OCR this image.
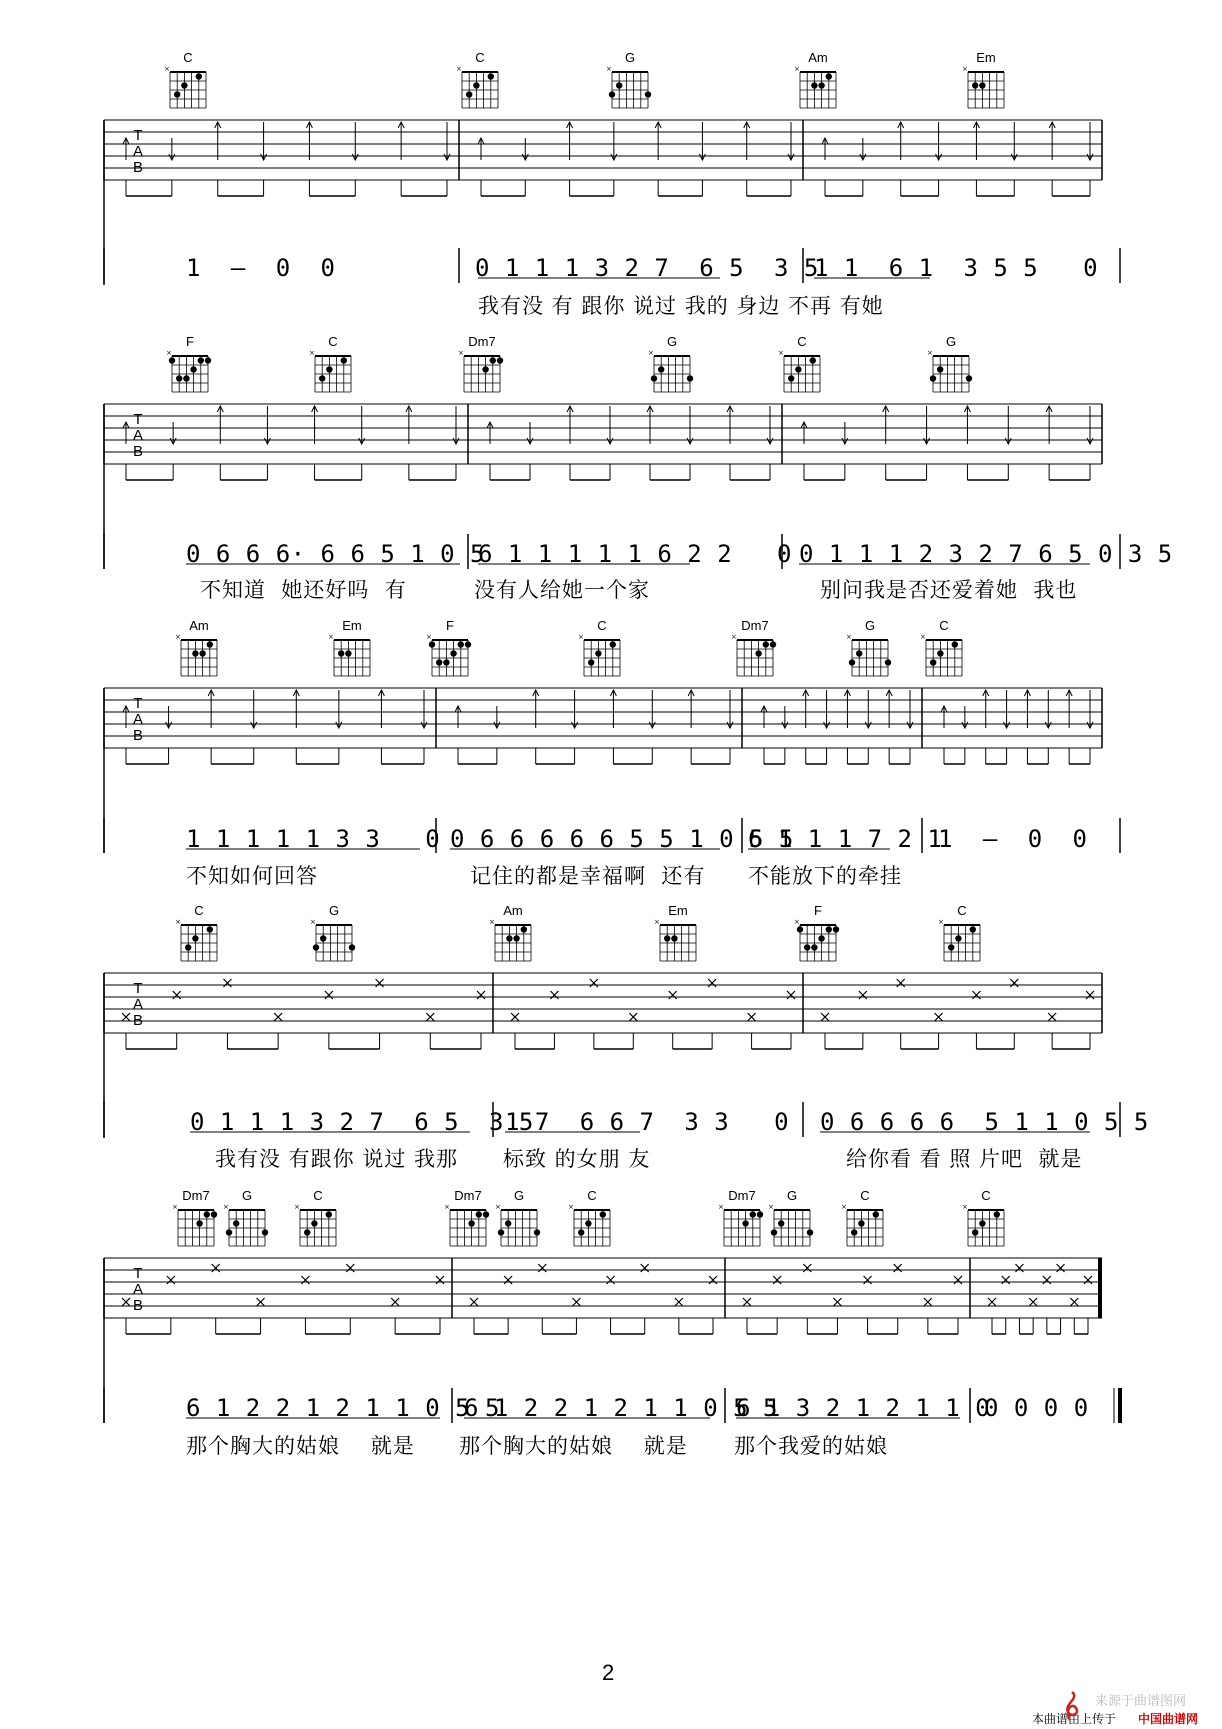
T
A
B
T
A
B
T
A
B
T
A
B
T
A
B
C
×
C
×
G
×
Am
×
Em
×
F
×
C
×
Dm7
×
G
×
C
×
G
×
Am
×
Em
×
F
×
C
×
Dm7
×
G
×
C
×
C
×
G
×
Am
×
Em
×
F
×
C
×
Dm7
×
G
×
C
×
Dm7
×
G
×
C
×
Dm7
×
G
×
C
×
C
×
1  –  0  0	0 1 1 1 3 2 7  6 5  3 5
1 1  6 1  3 5 5   0
我有没 有 跟你 说过 我的 身边 不再 有她
0 6 6 6· 6 6 5 1 0 5
6 1 1 1 1 1 6 2 2   0 0 1 1 1 2 3 2 7 6 5 0 3 5
不知道  她还好吗  有	没有人给她一个家	别问我是否还爱着她  我也
1 1 1 1 1 3 3   0 0 6 6 6 6 6 5 5 1 0 5 5
6 1 1 1 7 2 1
1  –  0  0
不知如何回答	记住的都是幸福啊  还有 不能放下的牵挂
0 1 1 1 3 2 7  6 5  3 5
1 7  6 6 7  3 3   0 0 6 6 6 6  5 1 1 0 5 5
我有没 有跟你 说过 我那 标致 的女朋 友	给你看 看 照 片吧  就是
6 1 2 2 1 2 1 1 0 5 5
6 1 2 2 1 2 1 1 0 5 5
6 1 3 2 1 2 1 1 0
0 0 0 0
那个胸大的姑娘    就是 那个胸大的姑娘    就是 那个我爱的姑娘
2
本曲谱由上传于 中国曲谱网
来源于曲谱图网
